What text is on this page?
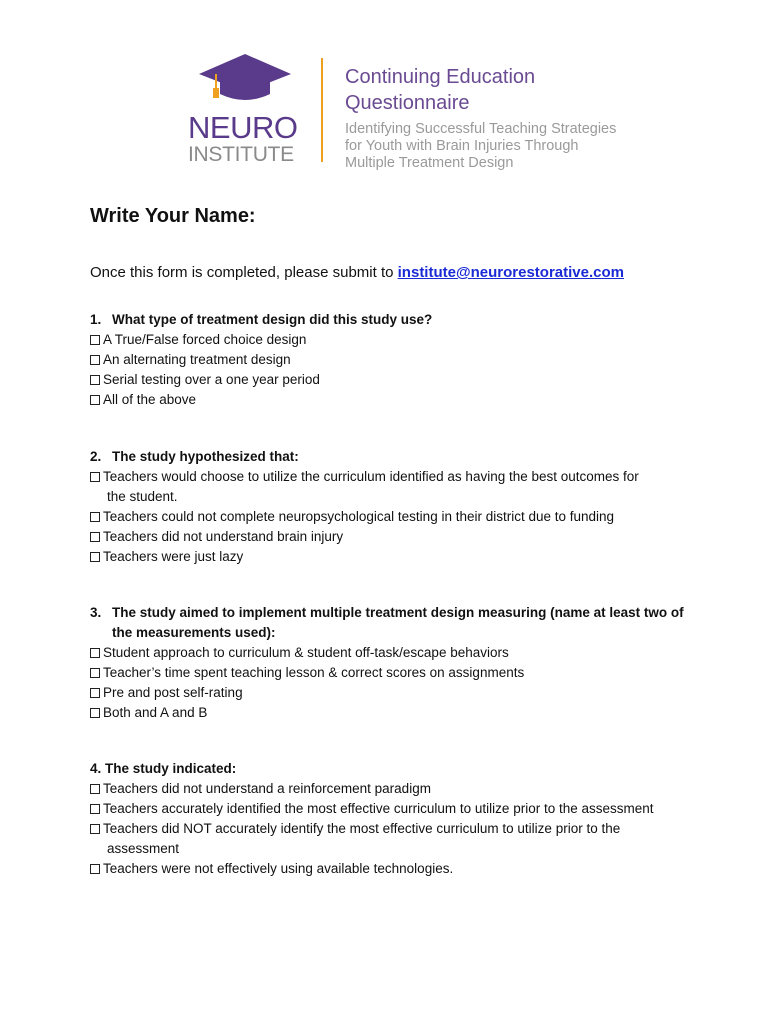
NEURO
INSTITUTE
Continuing Education
Questionnaire
Identifying Successful Teaching Strategies
for Youth with Brain Injuries Through
Multiple Treatment Design
Write Your Name:
Once this form is completed, please submit to institute@neurorestorative.com
1. What type of treatment design did this study use?
A True/False forced choice design
An alternating treatment design
Serial testing over a one year period
All of the above
2. The study hypothesized that:
Teachers would choose to utilize the curriculum identified as having the best outcomes for
the student.
Teachers could not complete neuropsychological testing in their district due to funding
Teachers did not understand brain injury
Teachers were just lazy
3. The study aimed to implement multiple treatment design measuring (name at least two of
the measurements used):
Student approach to curriculum & student off-task/escape behaviors
Teacher’s time spent teaching lesson & correct scores on assignments
Pre and post self-rating
Both and A and B
4. The study indicated:
Teachers did not understand a reinforcement paradigm
Teachers accurately identified the most effective curriculum to utilize prior to the assessment
Teachers did NOT accurately identify the most effective curriculum to utilize prior to the
assessment
Teachers were not effectively using available technologies.
